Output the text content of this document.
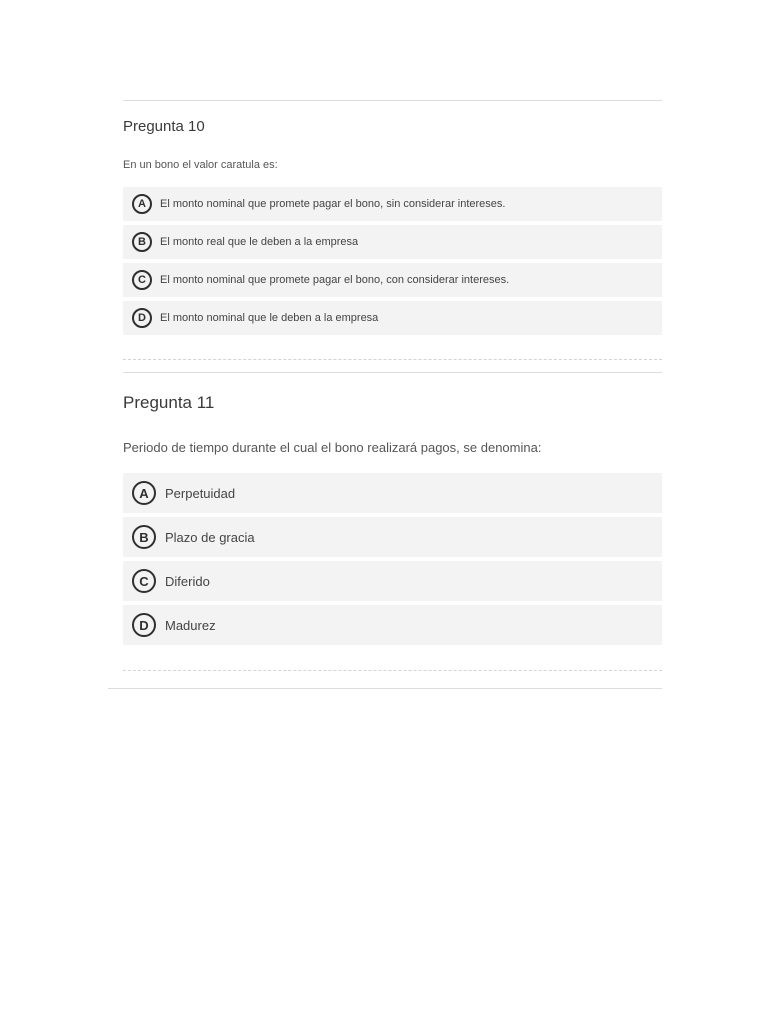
Pregunta 10

En un bono el valor caratula es:

A	El monto nominal que promete pagar el bono, sin considerar intereses.
B	El monto real que le deben a la empresa
C	El monto nominal que promete pagar el bono, con considerar intereses.
D	El monto nominal que le deben a la empresa
Pregunta 11

Periodo de tiempo durante el cual el bono realizará pagos, se denomina:

A	Perpetuidad
B	Plazo de gracia
C	Diferido
D	Madurez
